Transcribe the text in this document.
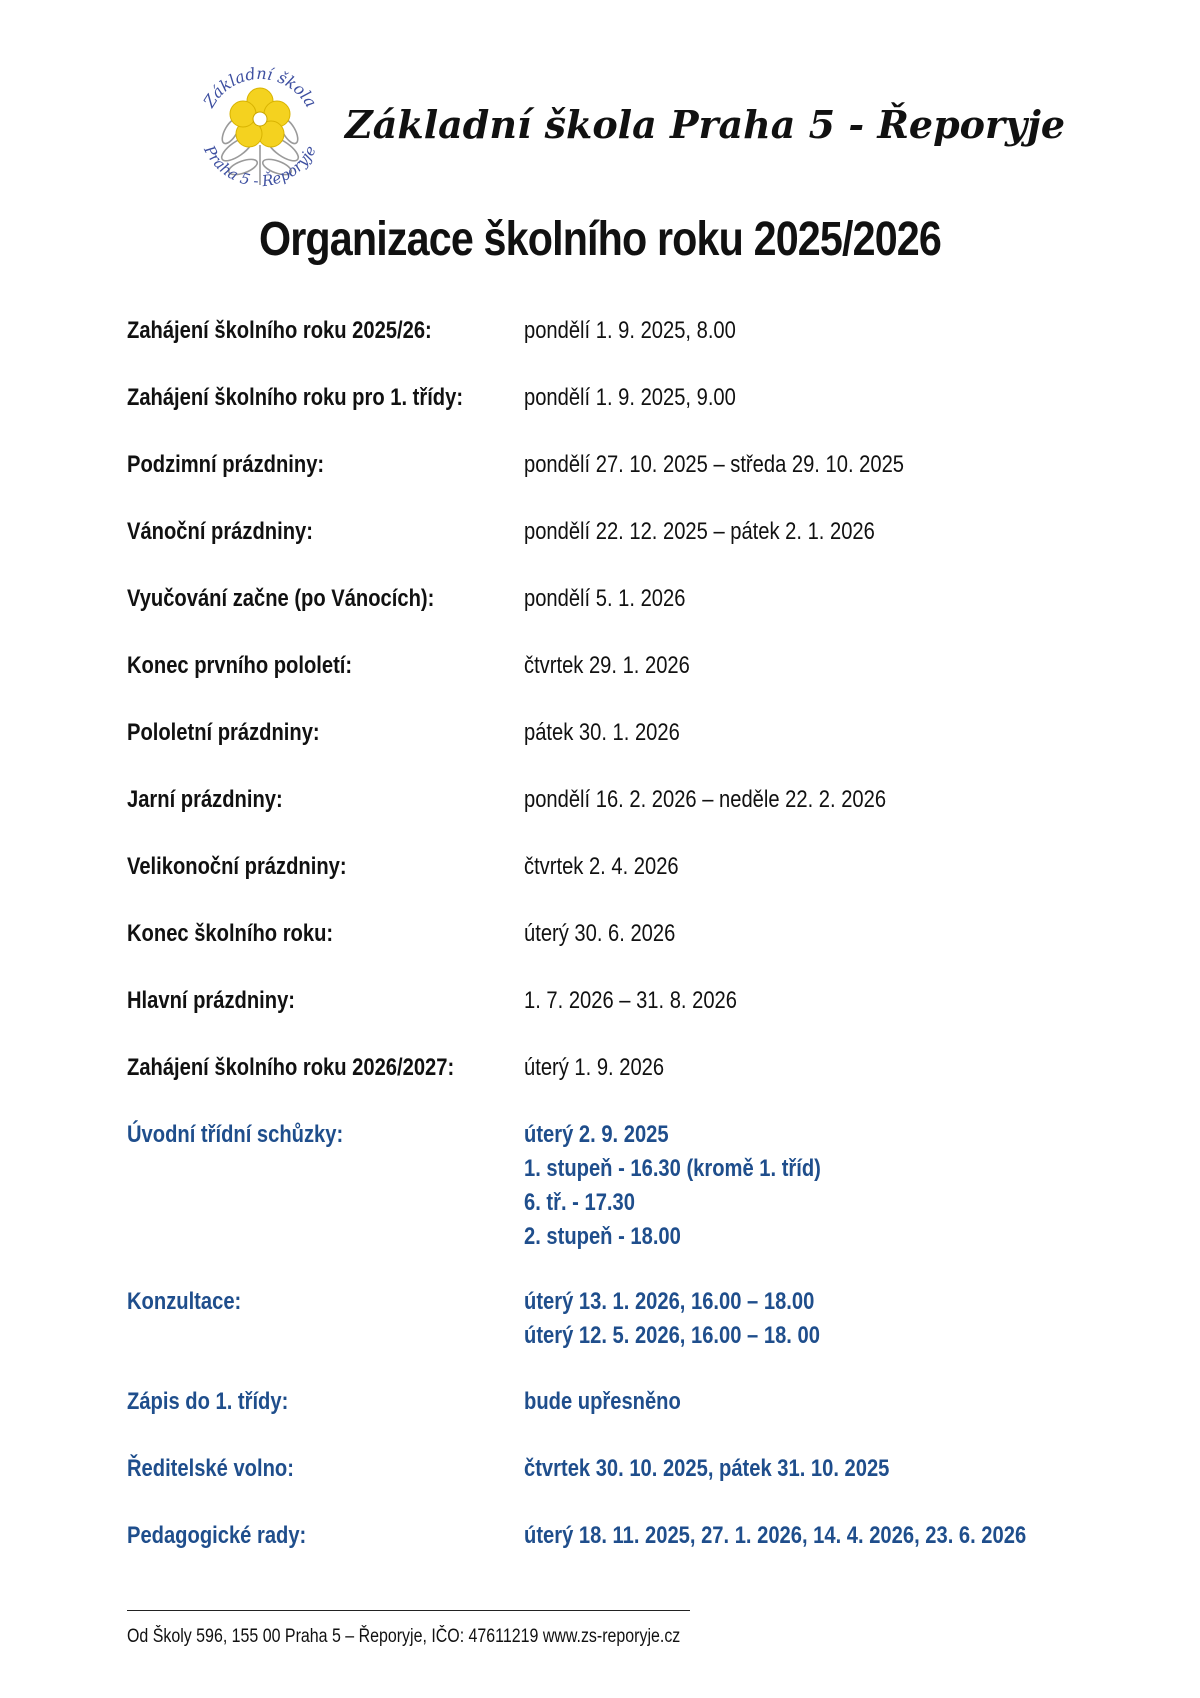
Základní škola
Praha 5 - Řeporyje
Základní škola Praha 5 - Řeporyje
Organizace školního roku 2025/2026
Zahájení školního roku 2025/26:	pondělí 1. 9. 2025, 8.00
Zahájení školního roku pro 1. třídy:	pondělí 1. 9. 2025, 9.00
Podzimní prázdniny:	pondělí 27. 10. 2025 – středa 29. 10. 2025
Vánoční prázdniny:	pondělí 22. 12. 2025 – pátek 2. 1. 2026
Vyučování začne (po Vánocích):	pondělí 5. 1. 2026
Konec prvního pololetí:	čtvrtek 29. 1. 2026
Pololetní prázdniny:	pátek 30. 1. 2026
Jarní prázdniny:	pondělí 16. 2. 2026 – neděle 22. 2. 2026
Velikonoční prázdniny:	čtvrtek 2. 4. 2026
Konec školního roku:	úterý 30. 6. 2026
Hlavní prázdniny:	1. 7. 2026 – 31. 8. 2026
Zahájení školního roku 2026/2027:	úterý 1. 9. 2026
Úvodní třídní schůzky:	úterý 2. 9. 2025
1. stupeň - 16.30 (kromě 1. tříd)
6. tř. - 17.30
2. stupeň - 18.00
Konzultace:	úterý 13. 1. 2026, 16.00 – 18.00
úterý 12. 5. 2026, 16.00 – 18. 00
Zápis do 1. třídy:	bude upřesněno
Ředitelské volno:	čtvrtek 30. 10. 2025, pátek 31. 10. 2025
Pedagogické rady:	úterý 18. 11. 2025, 27. 1. 2026, 14. 4. 2026, 23. 6. 2026
Od Školy 596, 155 00 Praha 5 – Řeporyje, IČO: 47611219 www.zs-reporyje.cz
